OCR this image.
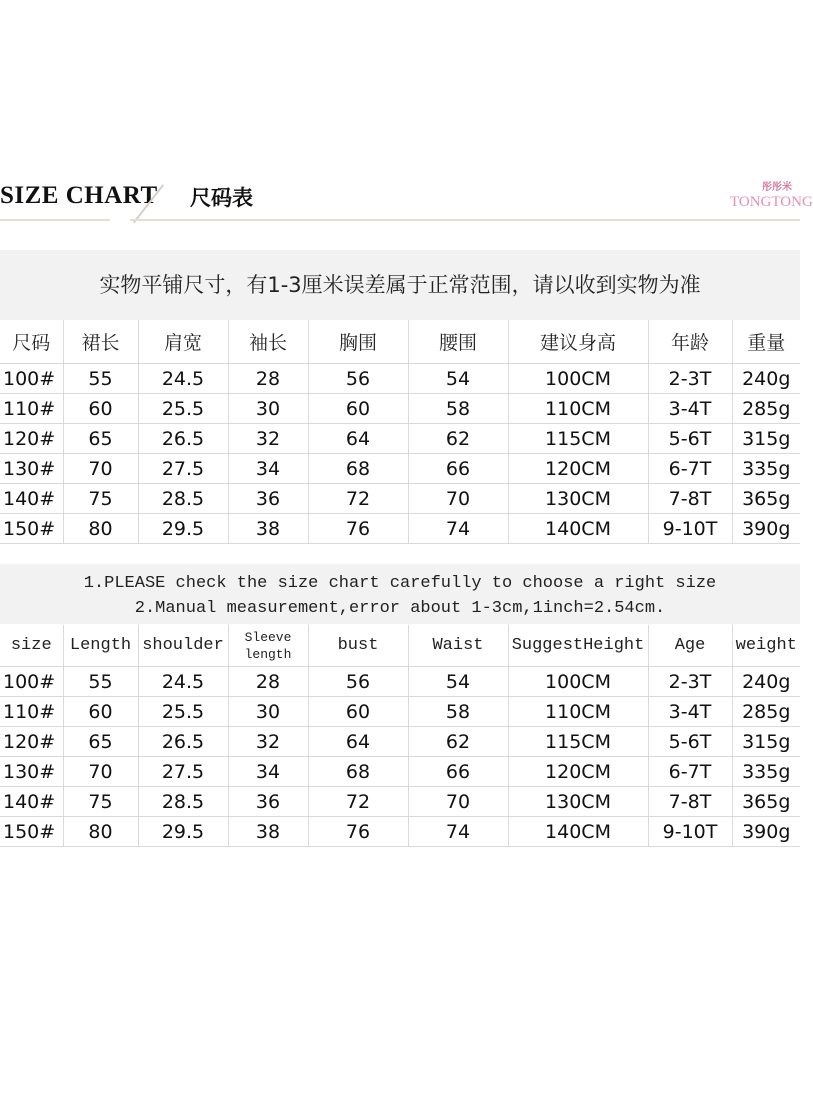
SIZE CHART 尺码表	彤彤米
TONGTONG
实物平铺尺寸，有1-3厘米误差属于正常范围，请以收到实物为准
尺码	裙长	肩宽	袖长	胸围	腰围	建议身高	年龄	重量
100#	55	24.5	28	56	54	100CM	2-3T	240g
110#	60	25.5	30	60	58	110CM	3-4T	285g
120#	65	26.5	32	64	62	115CM	5-6T	315g
130#	70	27.5	34	68	66	120CM	6-7T	335g
140#	75	28.5	36	72	70	130CM	7-8T	365g
150#	80	29.5	38	76	74	140CM	9-10T	390g
1.PLEASE check the size chart carefully to choose a right size
2.Manual measurement,error about 1-3cm,1inch=2.54cm.
size	Length	shoulder	Sleeve length	bust	Waist	SuggestHeight	Age	weight
100#	55	24.5	28	56	54	100CM	2-3T	240g
110#	60	25.5	30	60	58	110CM	3-4T	285g
120#	65	26.5	32	64	62	115CM	5-6T	315g
130#	70	27.5	34	68	66	120CM	6-7T	335g
140#	75	28.5	36	72	70	130CM	7-8T	365g
150#	80	29.5	38	76	74	140CM	9-10T	390g
